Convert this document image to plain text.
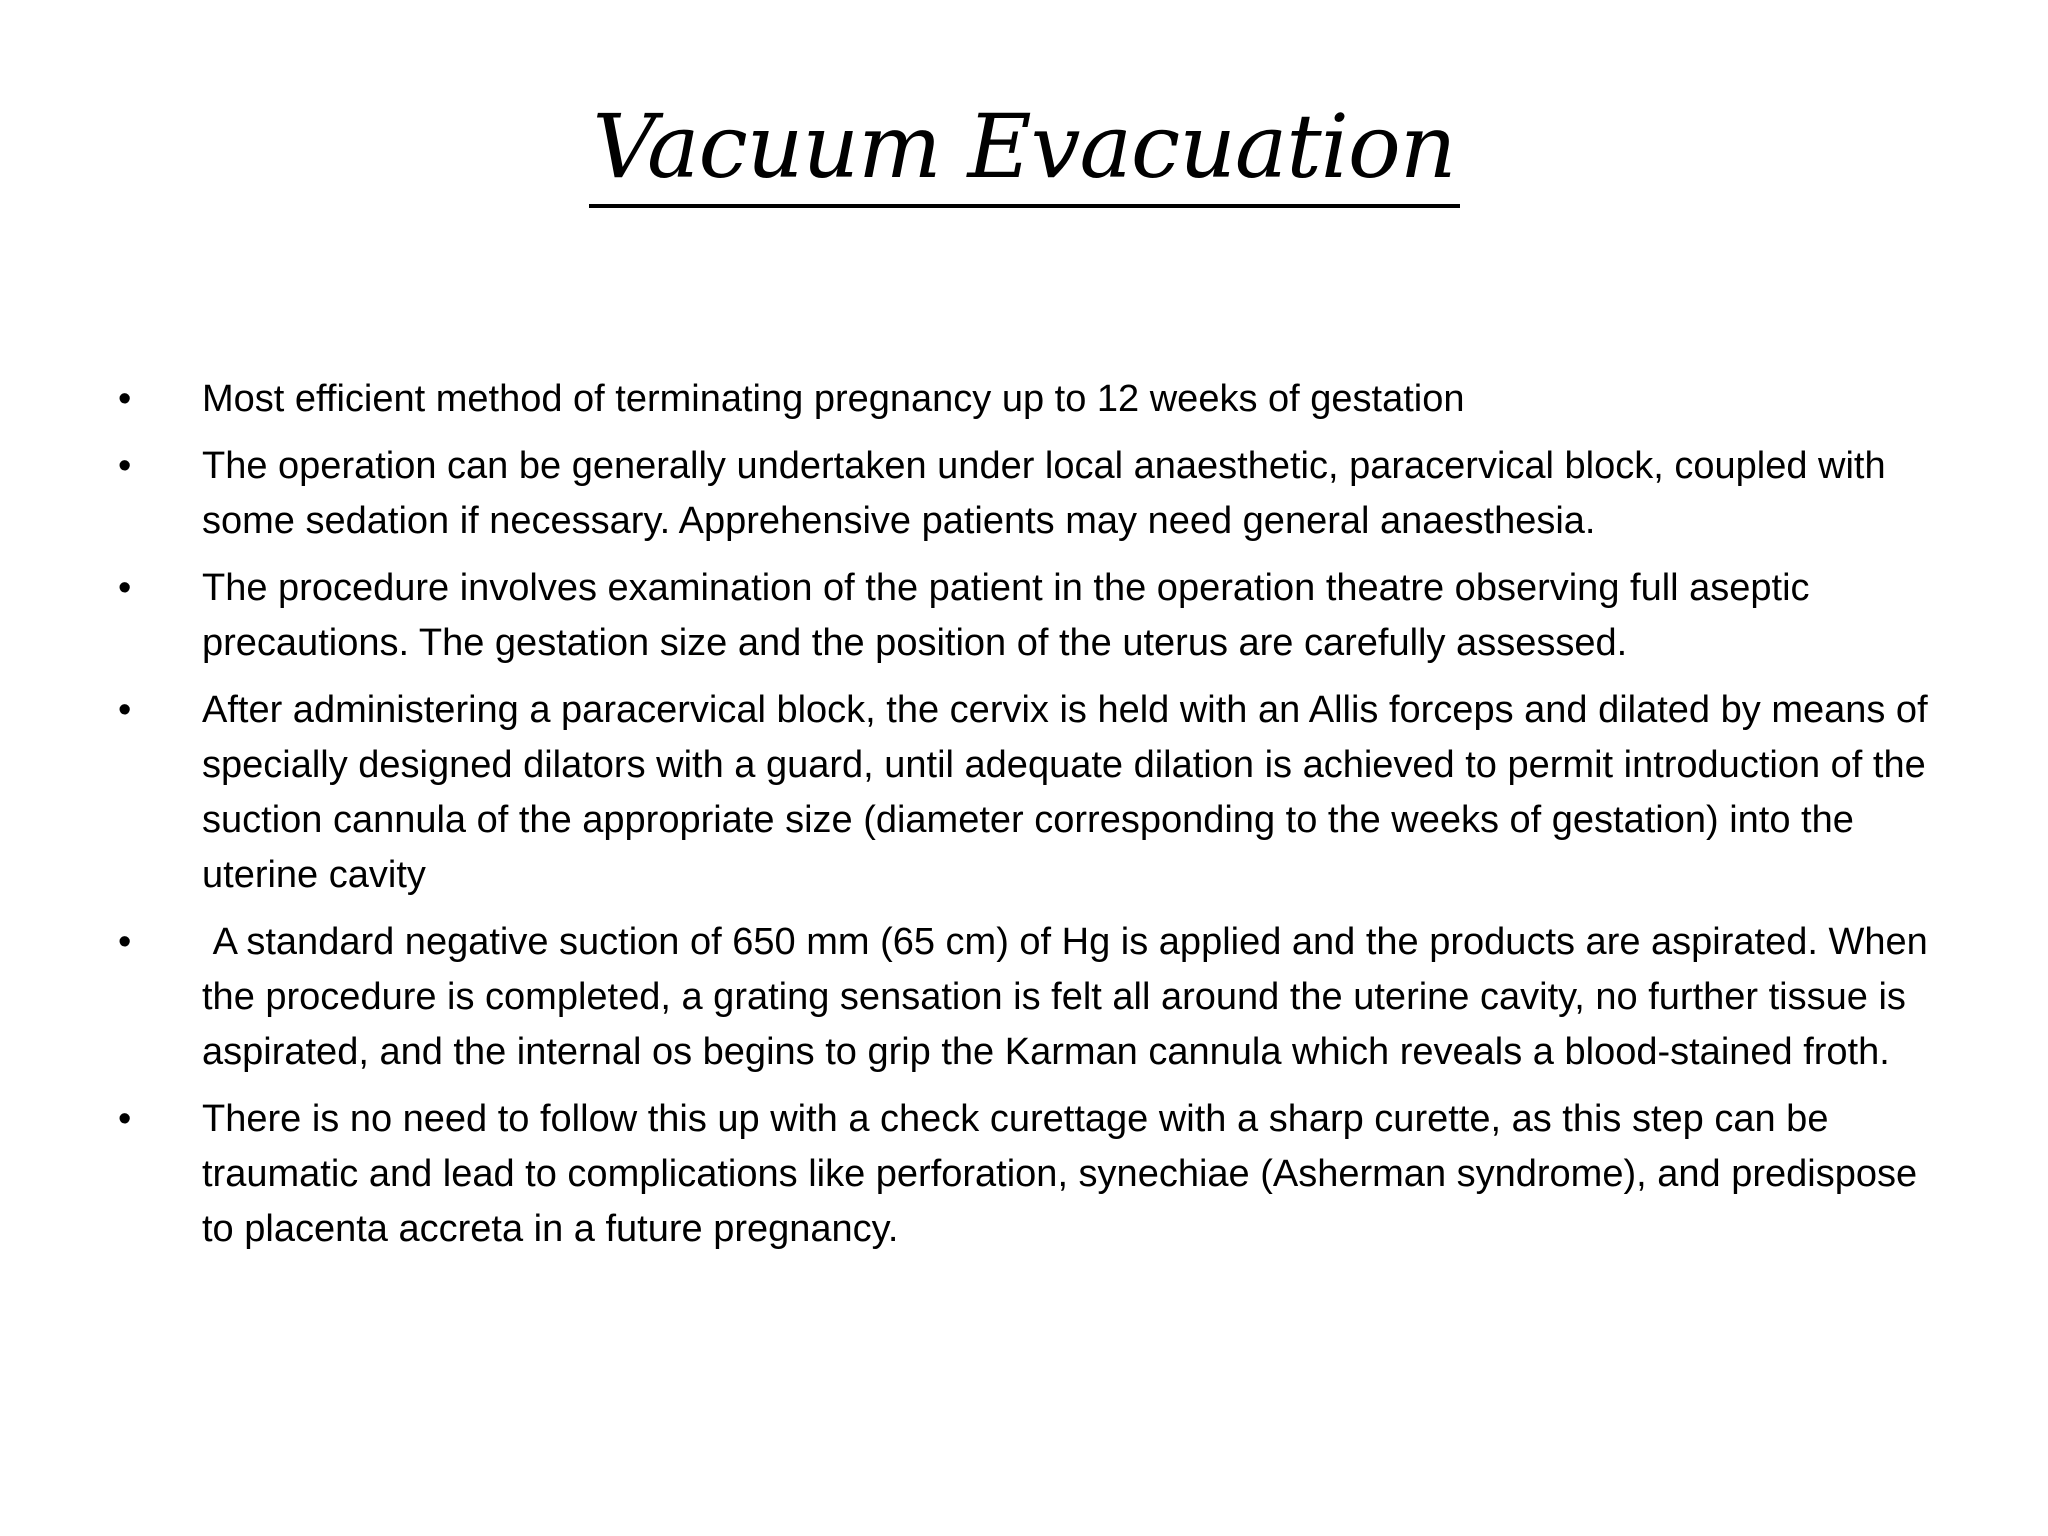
Vacuum Evacuation
•	Most efficient method of terminating pregnancy up to 12 weeks of gestation
•	The operation can be generally undertaken under local anaesthetic, paracervical block, coupled with some sedation if necessary. Apprehensive patients may need general anaesthesia.
•	The procedure involves examination of the patient in the operation theatre observing full aseptic precautions. The gestation size and the position of the uterus are carefully assessed.
•	After administering a paracervical block, the cervix is held with an Allis forceps and dilated by means of specially designed dilators with a guard, until adequate dilation is achieved to permit introduction of the suction cannula of the appropriate size (diameter corresponding to the weeks of gestation) into the uterine cavity
•	A standard negative suction of 650 mm (65 cm) of Hg is applied and the products are aspirated. When the procedure is completed, a grating sensation is felt all around the uterine cavity, no further tissue is aspirated, and the internal os begins to grip the Karman cannula which reveals a blood-stained froth.
•	There is no need to follow this up with a check curettage with a sharp curette, as this step can be traumatic and lead to complications like perforation, synechiae (Asherman syndrome), and predispose to placenta accreta in a future pregnancy.
